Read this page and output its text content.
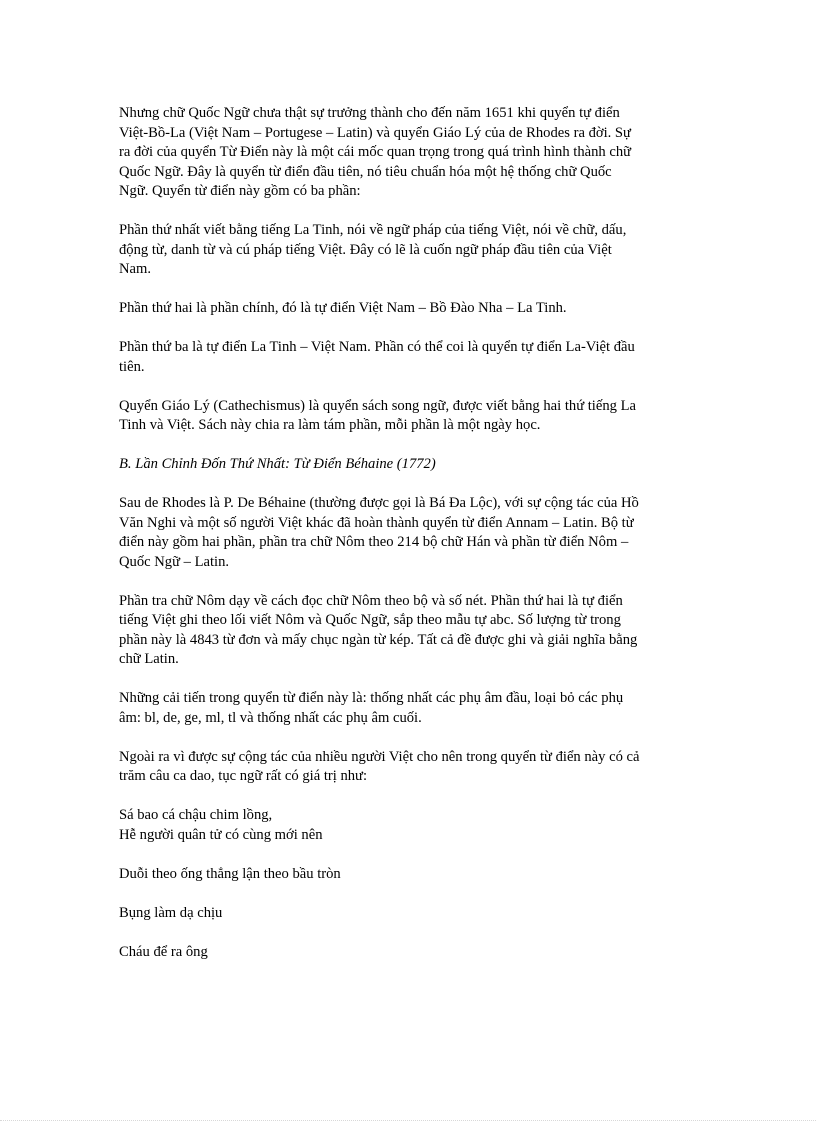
Nhưng chữ Quốc Ngữ chưa thật sự trưởng thành cho đến năm 1651 khi quyển tự điển
Việt-Bồ-La (Việt Nam – Portugese – Latin) và quyển Giáo Lý của de Rhodes ra đời. Sự
ra đời của quyển Từ Điển này là một cái mốc quan trọng trong quá trình hình thành chữ
Quốc Ngữ. Đây là quyển từ điển đầu tiên, nó tiêu chuẩn hóa một hệ thống chữ Quốc
Ngữ. Quyển từ điển này gồm có ba phần:

Phần thứ nhất viết bằng tiếng La Tinh, nói về ngữ pháp của tiếng Việt, nói về chữ, dấu,
động từ, danh từ và cú pháp tiếng Việt. Đây có lẽ là cuốn ngữ pháp đầu tiên của Việt
Nam.

Phần thứ hai là phần chính, đó là tự điển Việt Nam – Bồ Đào Nha – La Tinh.

Phần thứ ba là tự điển La Tinh – Việt Nam. Phần có thể coi là quyển tự điển La-Việt đầu
tiên.

Quyển Giáo Lý (Cathechismus) là quyển sách song ngữ, được viết bằng hai thứ tiếng La
Tinh và Việt. Sách này chia ra làm tám phần, mỗi phần là một ngày học.

B. Lần Chỉnh Đốn Thứ Nhất: Từ Điển Béhaine (1772)

Sau de Rhodes là P. De Béhaine (thường được gọi là Bá Đa Lộc), với sự cộng tác của Hồ
Văn Nghi và một số người Việt khác đã hoàn thành quyển từ điển Annam – Latin. Bộ từ
điển này gồm hai phần, phần tra chữ Nôm theo 214 bộ chữ Hán và phần từ điển Nôm –
Quốc Ngữ – Latin.

Phần tra chữ Nôm dạy về cách đọc chữ Nôm theo bộ và số nét. Phần thứ hai là tự điển
tiếng Việt ghi theo lối viết Nôm và Quốc Ngữ, sắp theo mẫu tự abc. Số lượng từ trong
phần này là 4843 từ đơn và mấy chục ngàn từ kép. Tất cả đề được ghi và giải nghĩa bằng
chữ Latin.

Những cải tiến trong quyển từ điển này là: thống nhất các phụ âm đầu, loại bỏ các phụ
âm: bl, de, ge, ml, tl và thống nhất các phụ âm cuối.

Ngoài ra vì được sự cộng tác của nhiều người Việt cho nên trong quyển từ điển này có cả
trăm câu ca dao, tục ngữ rất có giá trị như:

Sá bao cá chậu chim lồng,
Hễ người quân tử có cùng mới nên

Duỗi theo ống thẳng lận theo bầu tròn

Bụng làm dạ chịu

Cháu để ra ông
